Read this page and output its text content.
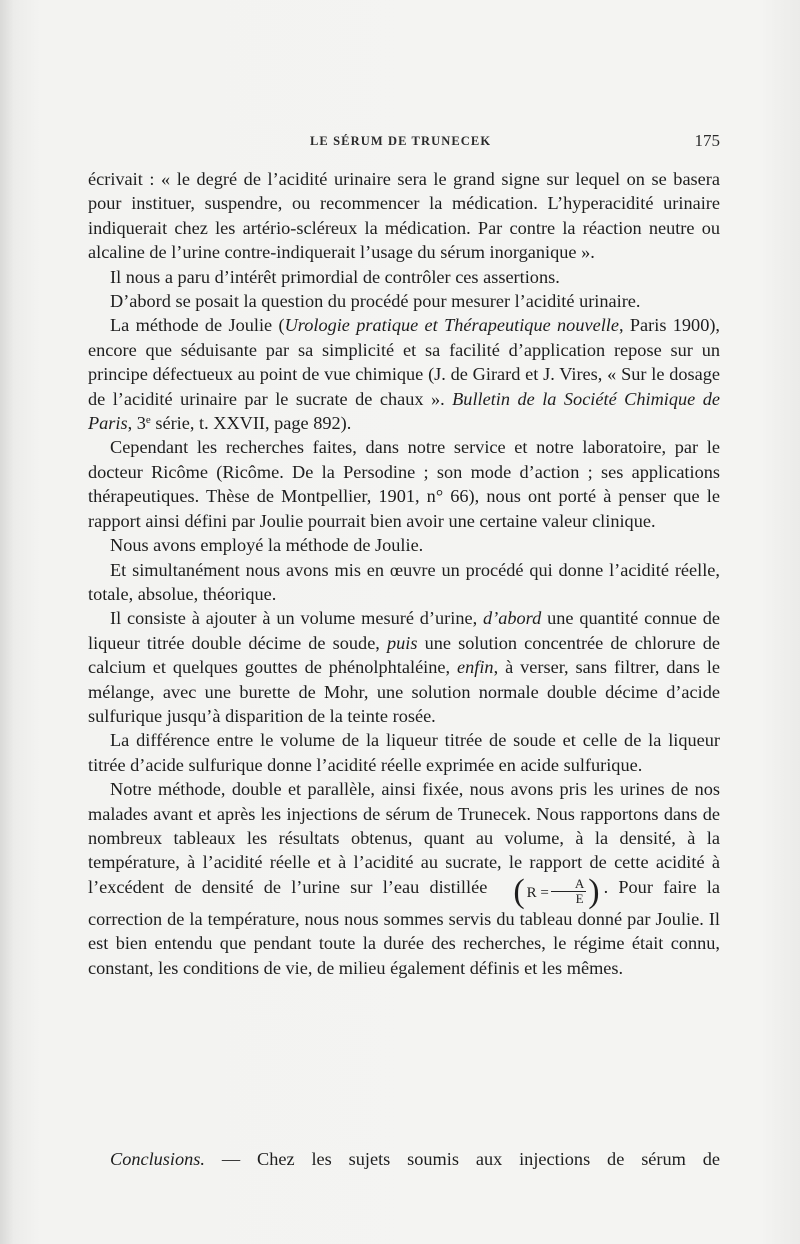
LE SÉRUM DE TRUNECEK	175

écrivait : « le degré de l’acidité urinaire sera le grand signe sur lequel on se basera pour instituer, suspendre, ou recommencer la médication. L’hyperacidité urinaire indiquerait chez les artério-scléreux la médication. Par contre la réaction neutre ou alcaline de l’urine contre-indiquerait l’usage du sérum inorganique ».

Il nous a paru d’intérêt primordial de contrôler ces assertions.

D’abord se posait la question du procédé pour mesurer l’acidité urinaire.

La méthode de Joulie (Urologie pratique et Thérapeutique nouvelle, Paris 1900), encore que séduisante par sa simplicité et sa facilité d’application repose sur un principe défectueux au point de vue chimique (J. de Girard et J. Vires, « Sur le dosage de l’acidité urinaire par le sucrate de chaux ». Bulletin de la Société Chimique de Paris, 3e série, t. XXVII, page 892).

Cependant les recherches faites, dans notre service et notre laboratoire, par le docteur Ricôme (Ricôme. De la Persodine ; son mode d’action ; ses applications thérapeutiques. Thèse de Montpellier, 1901, n° 66), nous ont porté à penser que le rapport ainsi défini par Joulie pourrait bien avoir une certaine valeur clinique.

Nous avons employé la méthode de Joulie.

Et simultanément nous avons mis en œuvre un procédé qui donne l’acidité réelle, totale, absolue, théorique.

Il consiste à ajouter à un volume mesuré d’urine, d’abord une quantité connue de liqueur titrée double décime de soude, puis une solution concentrée de chlorure de calcium et quelques gouttes de phénolphtaléine, enfin, à verser, sans filtrer, dans le mélange, avec une burette de Mohr, une solution normale double décime d’acide sulfurique jusqu’à disparition de la teinte rosée.

La différence entre le volume de la liqueur titrée de soude et celle de la liqueur titrée d’acide sulfurique donne l’acidité réelle exprimée en acide sulfurique.

Notre méthode, double et parallèle, ainsi fixée, nous avons pris les urines de nos malades avant et après les injections de sérum de Trunecek. Nous rapportons dans de nombreux tableaux les résultats obtenus, quant au volume, à la densité, à la température, à l’acidité réelle et à l’acidité au sucrate, le rapport de cette acidité à l’excédent de densité de l’urine sur l’eau distillée ( $R = \frac{A}{E}$ ) . Pour faire la correction de la température, nous nous sommes servis du tableau donné par Joulie. Il est bien entendu que pendant toute la durée des recherches, le régime était connu, constant, les conditions de vie, de milieu également définis et les mêmes.

Conclusions. — Chez les sujets soumis aux injections de sérum de
